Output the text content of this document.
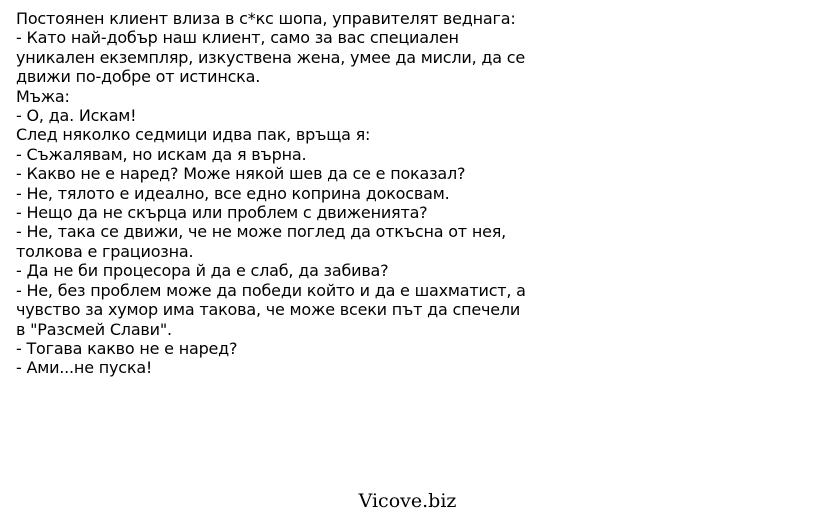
Постоянен клиент влиза в с*кс шопа, управителят веднага:
- Като най-добър наш клиент, само за вас специален
уникален екземпляр, изкуствена жена, умее да мисли, да се
движи по-добре от истинска.
Мъжа:
- О, да. Искам!
След няколко седмици идва пак, връща я:
- Съжалявам, но искам да я върна.
- Какво не е наред? Може някой шев да се е показал?
- Не, тялото е идеално, все едно коприна докосвам.
- Нещо да не скърца или проблем с движенията?
- Не, така се движи, че не може поглед да откъсна от нея,
толкова е грациозна.
- Да не би процесора й да е слаб, да забива?
- Не, без проблем може да победи който и да е шахматист, а
чувство за хумор има такова, че може всеки път да спечели
в "Разсмей Слави".
- Тогава какво не е наред?
- Ами...не пуска!
Vicove.biz
